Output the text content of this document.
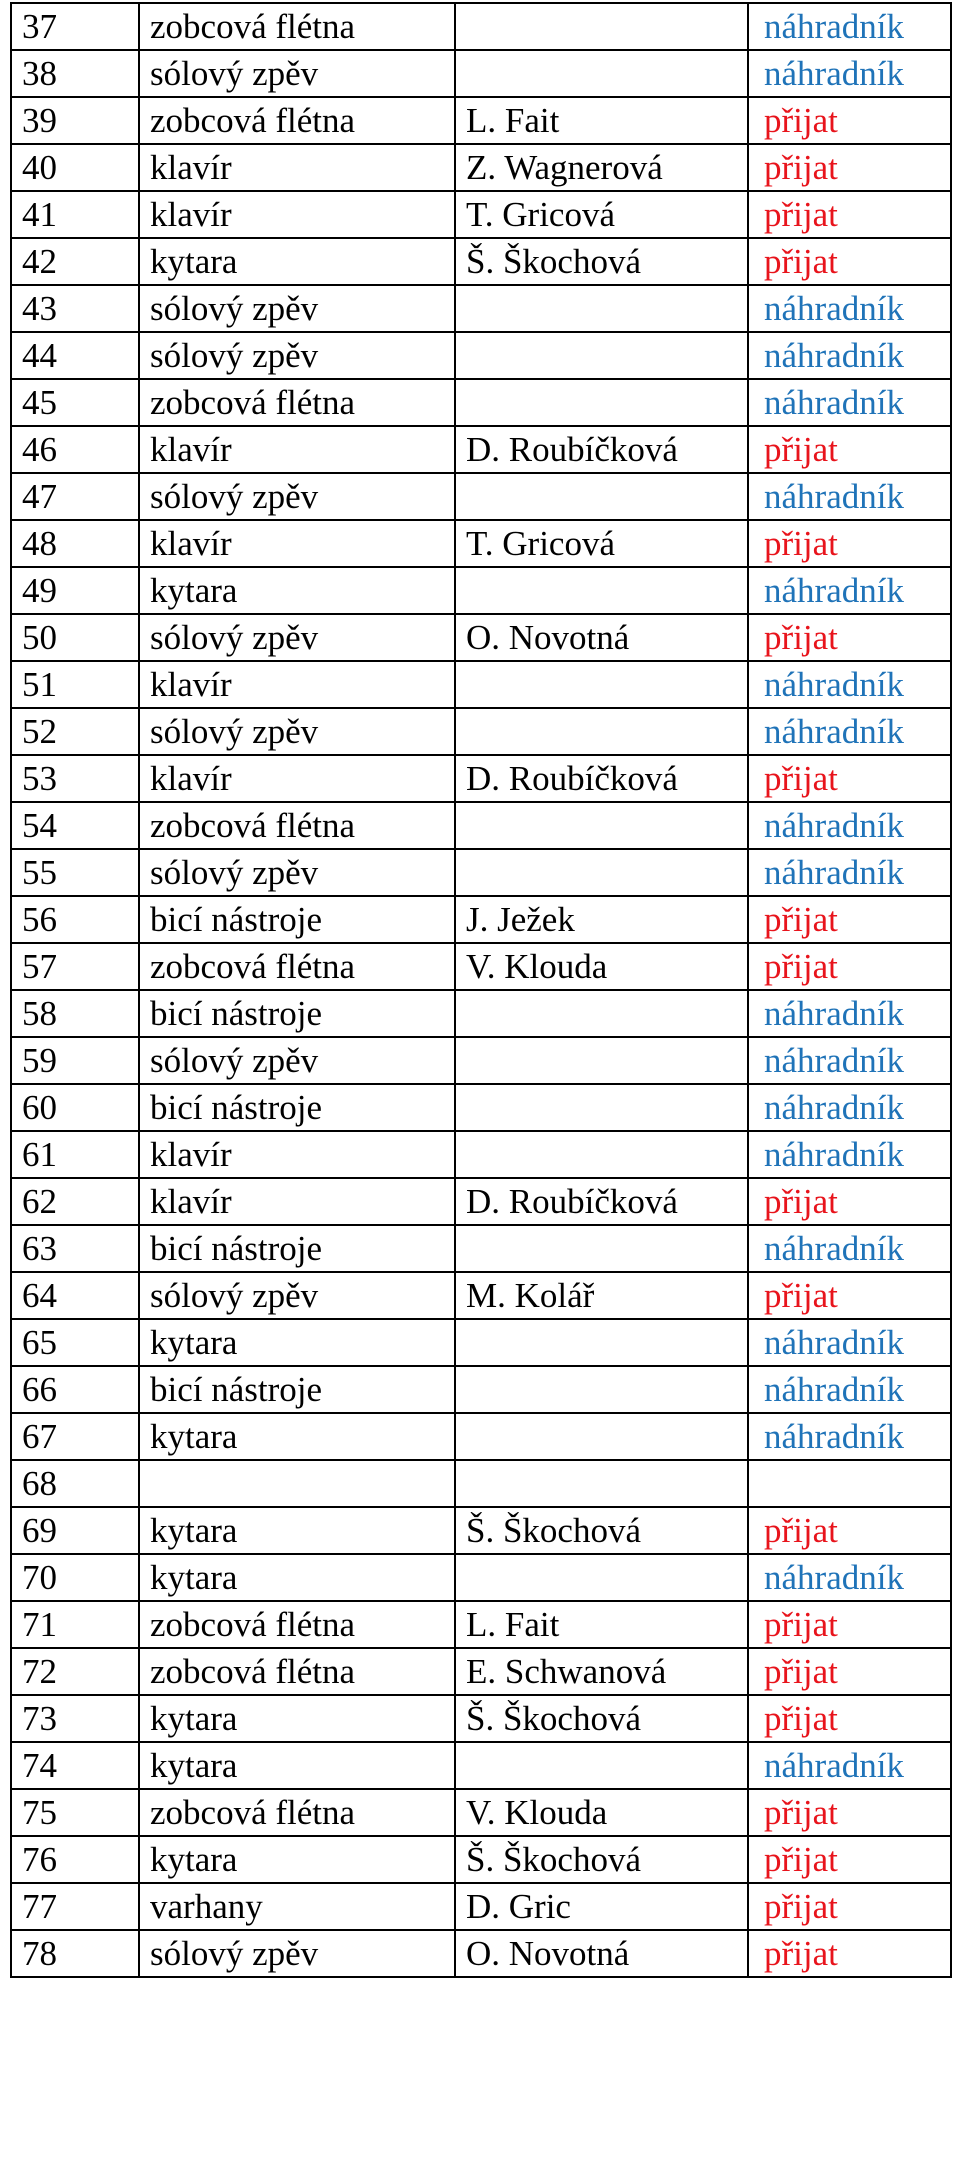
37	zobcová flétna		náhradník
38	sólový zpěv		náhradník
39	zobcová flétna	L. Fait	přijat
40	klavír	Z. Wagnerová	přijat
41	klavír	T. Gricová	přijat
42	kytara	Š. Škochová	přijat
43	sólový zpěv		náhradník
44	sólový zpěv		náhradník
45	zobcová flétna		náhradník
46	klavír	D. Roubíčková	přijat
47	sólový zpěv		náhradník
48	klavír	T. Gricová	přijat
49	kytara		náhradník
50	sólový zpěv	O. Novotná	přijat
51	klavír		náhradník
52	sólový zpěv		náhradník
53	klavír	D. Roubíčková	přijat
54	zobcová flétna		náhradník
55	sólový zpěv		náhradník
56	bicí nástroje	J. Ježek	přijat
57	zobcová flétna	V. Klouda	přijat
58	bicí nástroje		náhradník
59	sólový zpěv		náhradník
60	bicí nástroje		náhradník
61	klavír		náhradník
62	klavír	D. Roubíčková	přijat
63	bicí nástroje		náhradník
64	sólový zpěv	M. Kolář	přijat
65	kytara		náhradník
66	bicí nástroje		náhradník
67	kytara		náhradník
68			
69	kytara	Š. Škochová	přijat
70	kytara		náhradník
71	zobcová flétna	L. Fait	přijat
72	zobcová flétna	E. Schwanová	přijat
73	kytara	Š. Škochová	přijat
74	kytara		náhradník
75	zobcová flétna	V. Klouda	přijat
76	kytara	Š. Škochová	přijat
77	varhany	D. Gric	přijat
78	sólový zpěv	O. Novotná	přijat
